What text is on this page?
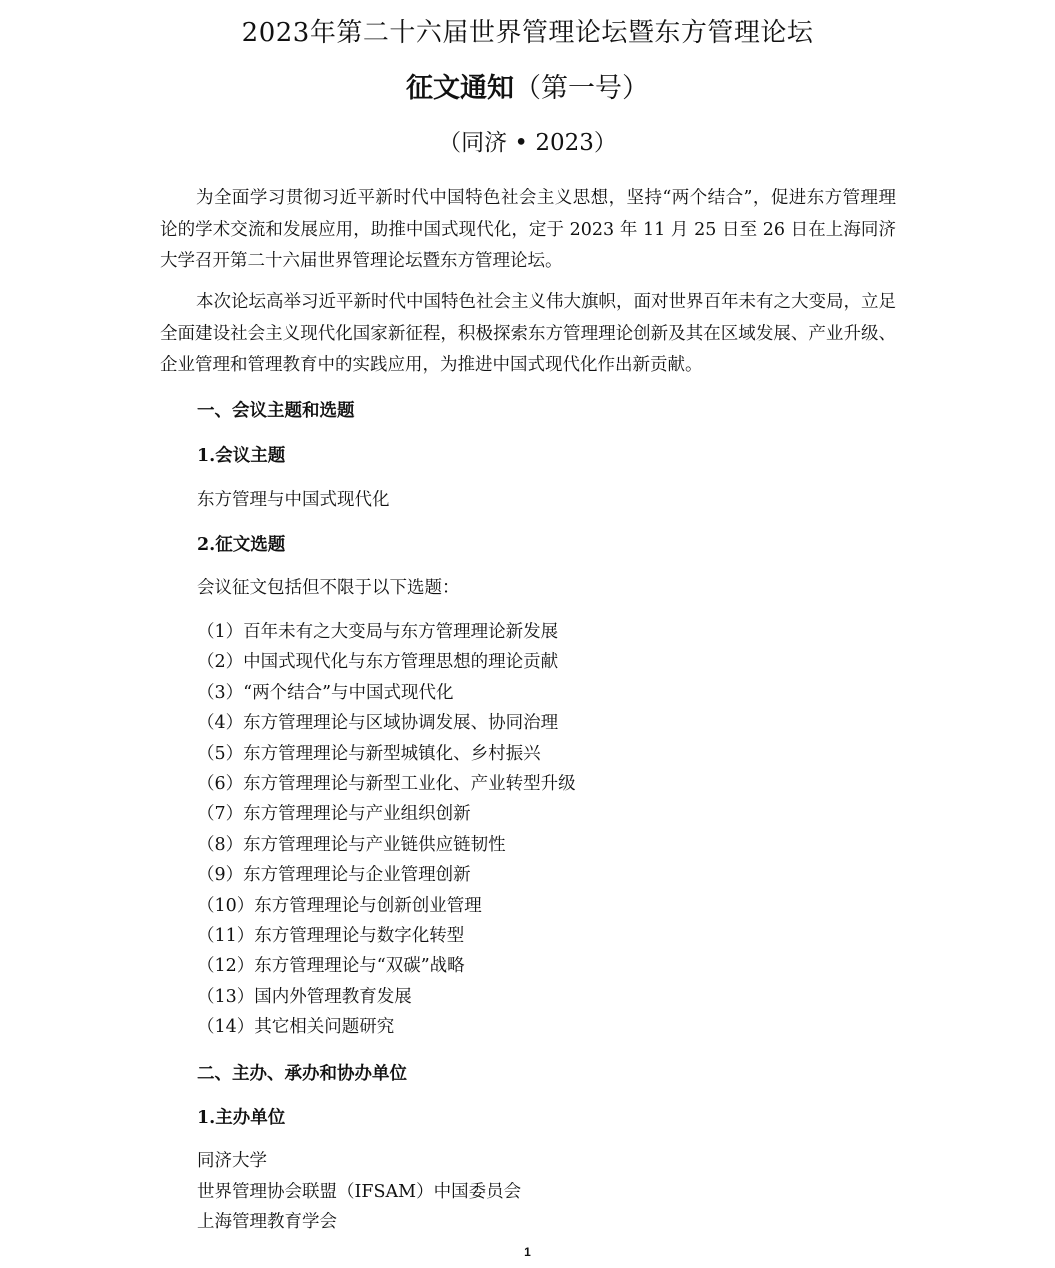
2023年第二十六届世界管理论坛暨东方管理论坛
征文通知（第一号）
（同济 • 2023）

为全面学习贯彻习近平新时代中国特色社会主义思想，坚持“两个结合”，促进东方管理理论的学术交流和发展应用，助推中国式现代化，定于 2023 年 11 月 25 日至 26 日在上海同济大学召开第二十六届世界管理论坛暨东方管理论坛。

本次论坛高举习近平新时代中国特色社会主义伟大旗帜，面对世界百年未有之大变局，立足全面建设社会主义现代化国家新征程，积极探索东方管理理论创新及其在区域发展、产业升级、企业管理和管理教育中的实践应用，为推进中国式现代化作出新贡献。

一、会议主题和选题
1.会议主题
东方管理与中国式现代化
2.征文选题
会议征文包括但不限于以下选题：
（1）百年未有之大变局与东方管理理论新发展
（2）中国式现代化与东方管理思想的理论贡献
（3）“两个结合”与中国式现代化
（4）东方管理理论与区域协调发展、协同治理
（5）东方管理理论与新型城镇化、乡村振兴
（6）东方管理理论与新型工业化、产业转型升级
（7）东方管理理论与产业组织创新
（8）东方管理理论与产业链供应链韧性
（9）东方管理理论与企业管理创新
（10）东方管理理论与创新创业管理
（11）东方管理理论与数字化转型
（12）东方管理理论与“双碳”战略
（13）国内外管理教育发展
（14）其它相关问题研究
二、主办、承办和协办单位
1.主办单位
同济大学
世界管理协会联盟（IFSAM）中国委员会
上海管理教育学会
1
